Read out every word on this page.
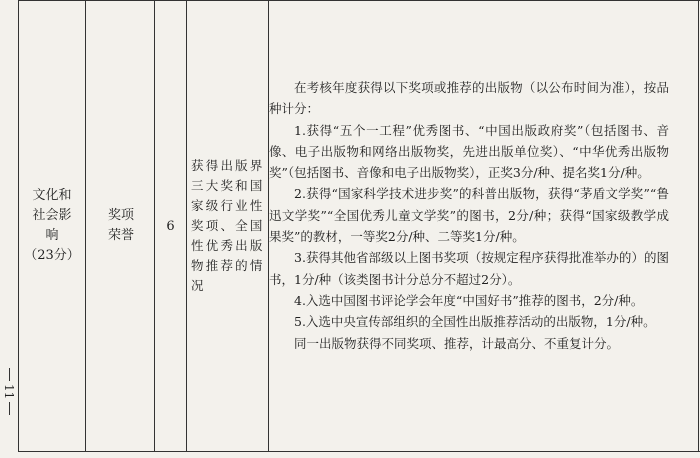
11
文化和
社会影
响
（23分）
奖项
荣誉
6
获得出版界三大奖和国家级行业性奖项、全国性优秀出版物推荐的情况

在考核年度获得以下奖项或推荐的出版物（以公布时间为准），按品种计分：

1.获得“五个一工程”优秀图书、“中国出版政府奖”（包括图书、音像、电子出版物和网络出版物奖，先进出版单位奖）、“中华优秀出版物奖”（包括图书、音像和电子出版物奖），正奖3分/种、提名奖1分/种。

2.获得“国家科学技术进步奖”的科普出版物，获得“茅盾文学奖”“鲁迅文学奖”“全国优秀儿童文学奖”的图书，2分/种；获得“国家级教学成果奖”的教材，一等奖2分/种、二等奖1分/种。

3.获得其他省部级以上图书奖项（按规定程序获得批准举办的）的图书，1分/种（该类图书计分总分不超过2分）。

4.入选中国图书评论学会年度“中国好书”推荐的图书，2分/种。

5.入选中央宣传部组织的全国性出版推荐活动的出版物，1分/种。

同一出版物获得不同奖项、推荐，计最高分、不重复计分。
